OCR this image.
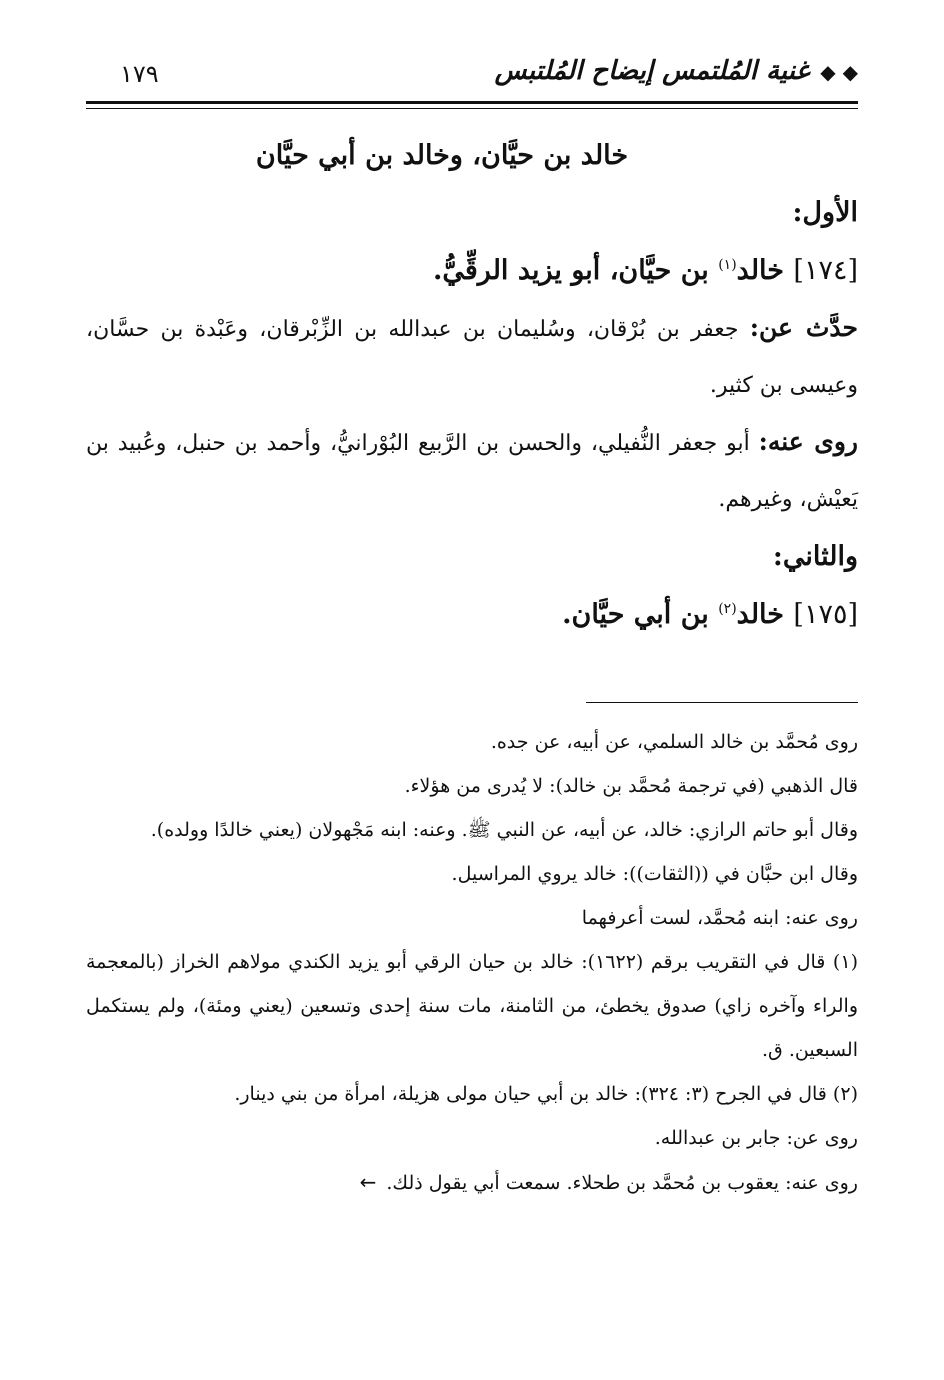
◆ ◆ غنية المُلتمس إيضاح المُلتبس
١٧٩

خالد بن حيَّان، وخالد بن أبي حيَّان

الأول:

[١٧٤] خالد$^{(١)}$ بن حيَّان، أبو يزيد الرقِّيُّ.

حدَّث عن: جعفر بن بُرْقان، وسُليمان بن عبدالله بن الزِّبْرقان، وعَبْدة بن حسَّان، وعيسى بن كثير.

روى عنه: أبو جعفر النُّفيلي، والحسن بن الرَّبيع البُوْرانيُّ، وأحمد بن حنبل، وعُبيد بن يَعيْش، وغيرهم.

والثاني:

[١٧٥] خالد$^{(٢)}$ بن أبي حيَّان.

روى مُحمَّد بن خالد السلمي، عن أبيه، عن جده.

قال الذهبي (في ترجمة مُحمَّد بن خالد): لا يُدرى من هؤلاء.

وقال أبو حاتم الرازي: خالد، عن أبيه، عن النبي ﷺ. وعنه: ابنه مَجْهولان (يعني خالدًا وولده).

وقال ابن حبَّان في ((الثقات)): خالد يروي المراسيل.

روى عنه: ابنه مُحمَّد، لست أعرفهما

(١) قال في التقريب برقم (١٦٢٢): خالد بن حيان الرقي أبو يزيد الكندي مولاهم الخراز (بالمعجمة والراء وآخره زاي) صدوق يخطئ، من الثامنة، مات سنة إحدى وتسعين (يعني ومئة)، ولم يستكمل السبعين. ق.

(٢) قال في الجرح (٣: ٣٢٤): خالد بن أبي حيان مولى هزيلة، امرأة من بني دينار.

روى عن: جابر بن عبدالله.

روى عنه: يعقوب بن مُحمَّد بن طحلاء. سمعت أبي يقول ذلك. ←
